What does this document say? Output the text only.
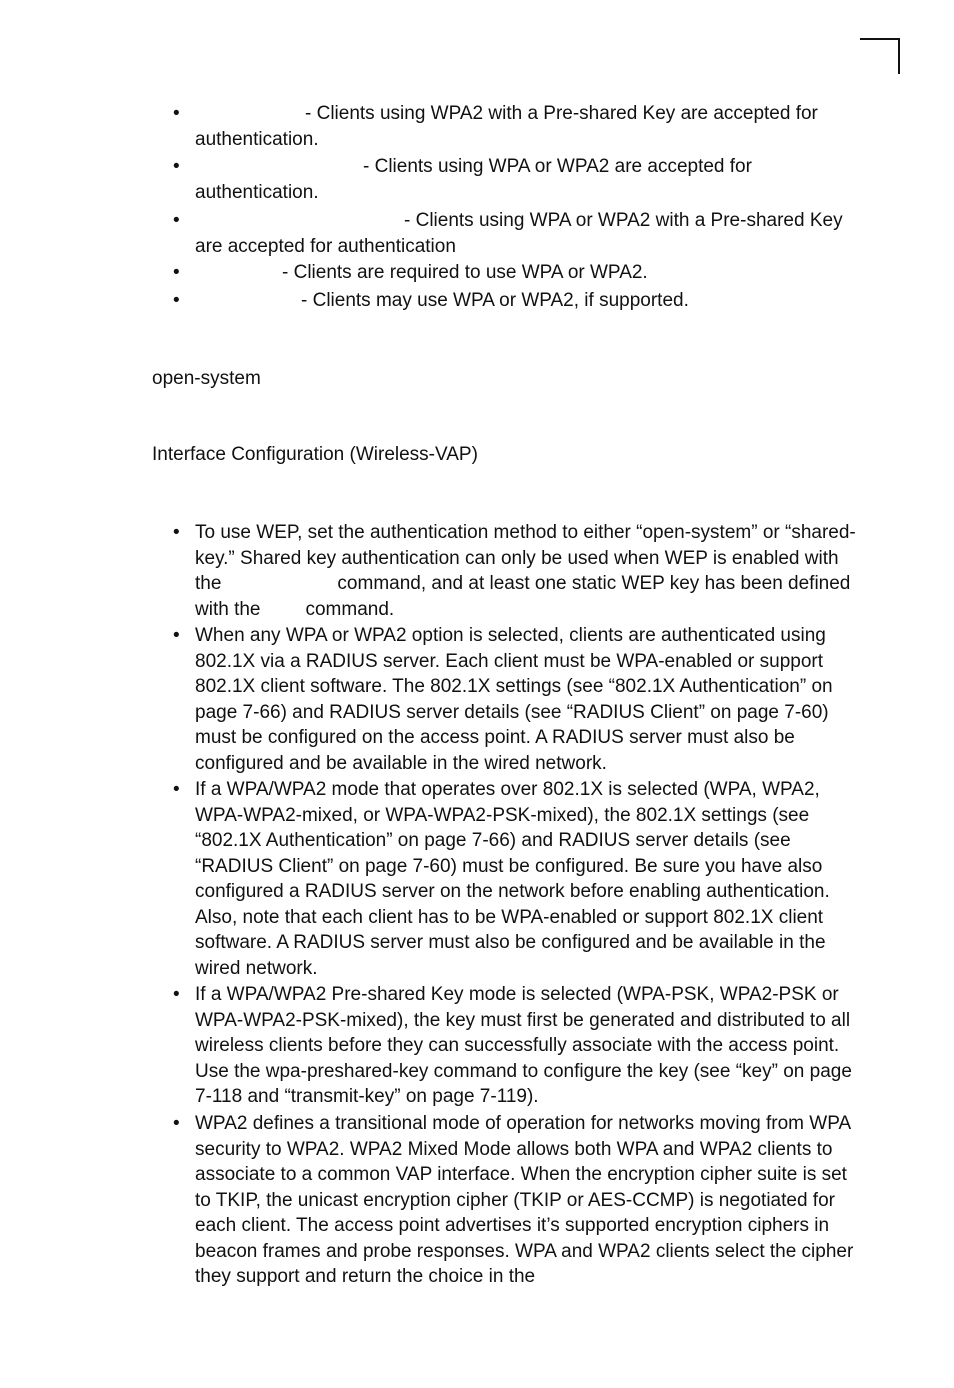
•	- Clients using WPA2 with a Pre-shared Key are accepted for authentication.

•	- Clients using WPA or WPA2 are accepted for authentication.

•	- Clients using WPA or WPA2 with a Pre-shared Key are accepted for authentication

•	- Clients are required to use WPA or WPA2.

•	- Clients may use WPA or WPA2, if supported.

open-system

Interface Configuration (Wireless-VAP)

• To use WEP, set the authentication method to either “open-system” or “shared-key.” Shared key authentication can only be used when WEP is enabled with the	command, and at least one static WEP key has been defined with the command.

• When any WPA or WPA2 option is selected, clients are authenticated using 802.1X via a RADIUS server. Each client must be WPA-enabled or support 802.1X client software. The 802.1X settings (see “802.1X Authentication” on page 7-66) and RADIUS server details (see “RADIUS Client” on page 7-60) must be configured on the access point. A RADIUS server must also be configured and be available in the wired network.

• If a WPA/WPA2 mode that operates over 802.1X is selected (WPA, WPA2, WPA-WPA2-mixed, or WPA-WPA2-PSK-mixed), the 802.1X settings (see “802.1X Authentication” on page 7-66) and RADIUS server details (see “RADIUS Client” on page 7-60) must be configured. Be sure you have also configured a RADIUS server on the network before enabling authentication. Also, note that each client has to be WPA-enabled or support 802.1X client software. A RADIUS server must also be configured and be available in the wired network.

• If a WPA/WPA2 Pre-shared Key mode is selected (WPA-PSK, WPA2-PSK or WPA-WPA2-PSK-mixed), the key must first be generated and distributed to all wireless clients before they can successfully associate with the access point. Use the wpa-preshared-key command to configure the key (see “key” on page 7-118 and “transmit-key” on page 7-119).

• WPA2 defines a transitional mode of operation for networks moving from WPA security to WPA2. WPA2 Mixed Mode allows both WPA and WPA2 clients to associate to a common VAP interface. When the encryption cipher suite is set to TKIP, the unicast encryption cipher (TKIP or AES-CCMP) is negotiated for each client. The access point advertises it’s supported encryption ciphers in beacon frames and probe responses. WPA and WPA2 clients select the cipher they support and return the choice in the
